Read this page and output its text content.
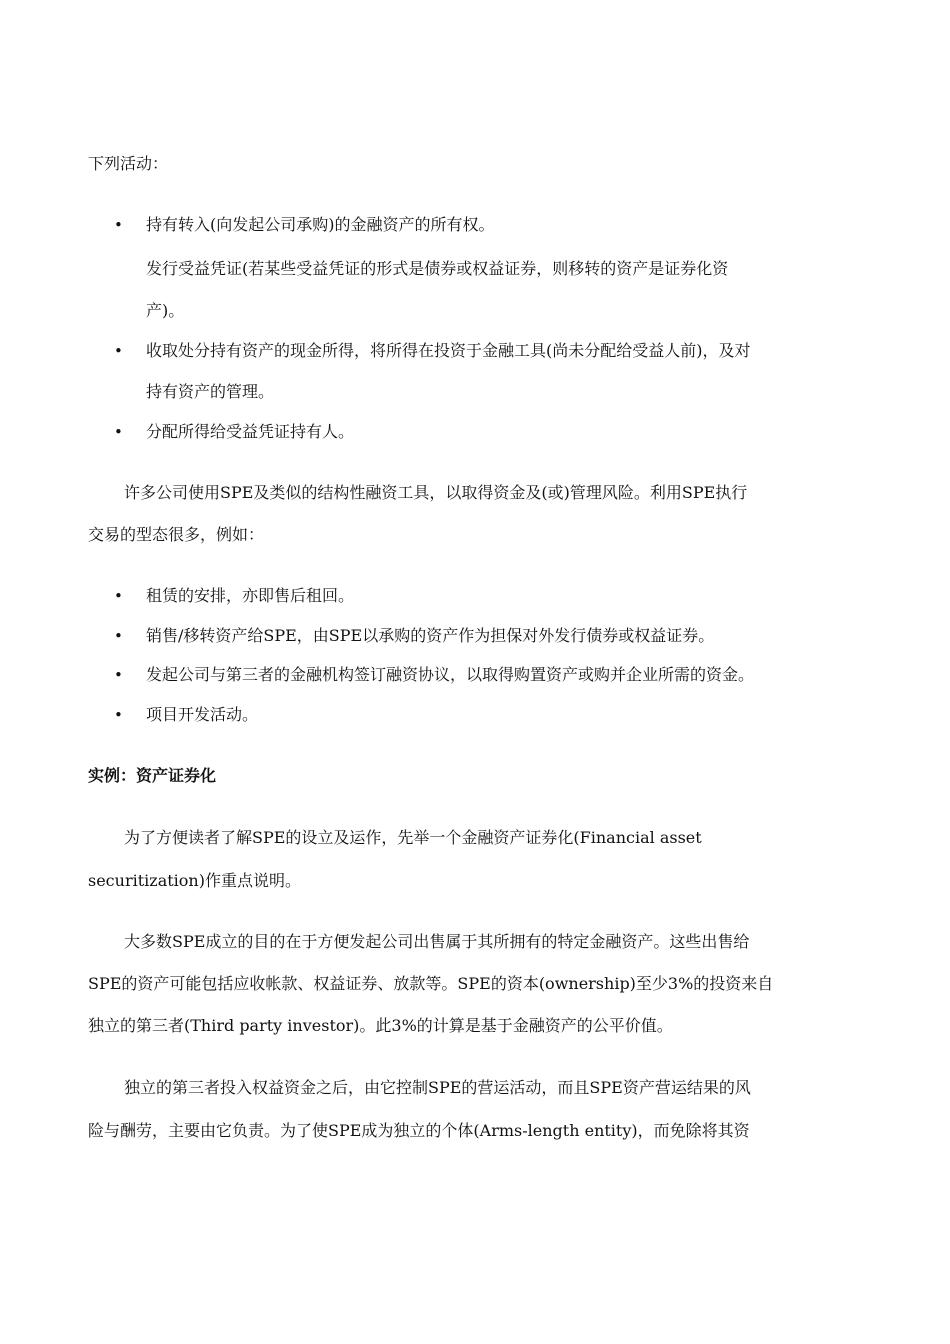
下列活动：
• 持有转入(向发起公司承购)的金融资产的所有权。
发行受益凭证(若某些受益凭证的形式是债券或权益证券，则移转的资产是证券化资
产)。
• 收取处分持有资产的现金所得，将所得在投资于金融工具(尚未分配给受益人前)，及对
持有资产的管理。
• 分配所得给受益凭证持有人。
许多公司使用SPE及类似的结构性融资工具，以取得资金及(或)管理风险。利用SPE执行
交易的型态很多，例如：
• 租赁的安排，亦即售后租回。
• 销售/移转资产给SPE，由SPE以承购的资产作为担保对外发行债券或权益证券。
• 发起公司与第三者的金融机构签订融资协议，以取得购置资产或购并企业所需的资金。
• 项目开发活动。
实例：资产证券化
为了方便读者了解SPE的设立及运作，先举一个金融资产证券化(Financial asset
securitization)作重点说明。
大多数SPE成立的目的在于方便发起公司出售属于其所拥有的特定金融资产。这些出售给
SPE的资产可能包括应收帐款、权益证券、放款等。SPE的资本(ownership)至少3%的投资来自
独立的第三者(Third party investor)。此3%的计算是基于金融资产的公平价值。
独立的第三者投入权益资金之后，由它控制SPE的营运活动，而且SPE资产营运结果的风
险与酬劳，主要由它负责。为了使SPE成为独立的个体(Arms-length entity)，而免除将其资
